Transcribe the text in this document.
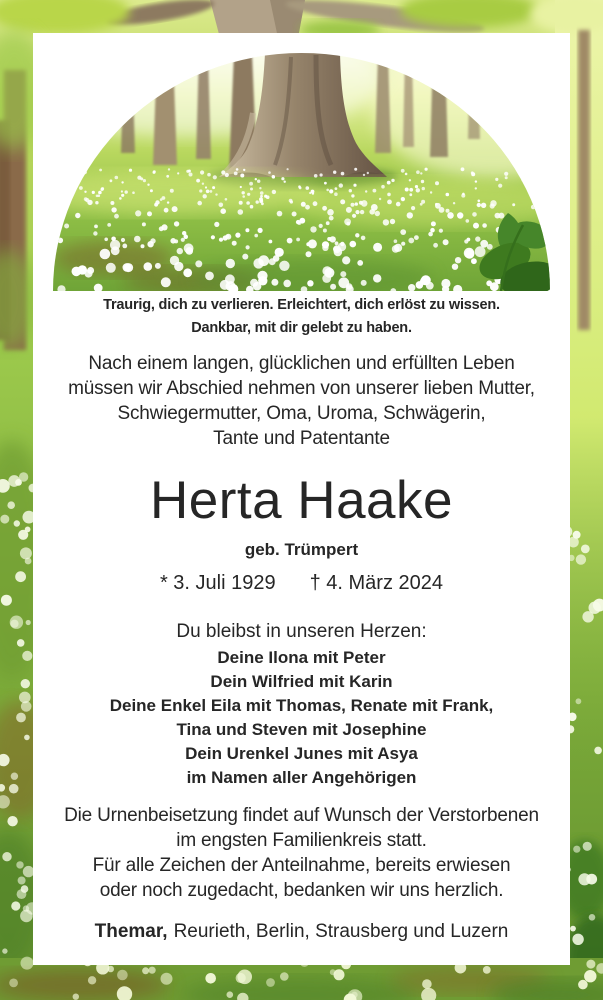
Traurig, dich zu verlieren. Erleichtert, dich erlöst zu wissen.
Dankbar, mit dir gelebt zu haben.
Nach einem langen, glücklichen und erfüllten Leben
müssen wir Abschied nehmen von unserer lieben Mutter,
Schwiegermutter, Oma, Uroma, Schwägerin,
Tante und Patentante
Herta Haake
geb. Trümpert
* 3. Juli 1929 † 4. März 2024
Du bleibst in unseren Herzen:
Deine Ilona mit Peter
Dein Wilfried mit Karin
Deine Enkel Eila mit Thomas, Renate mit Frank,
Tina und Steven mit Josephine
Dein Urenkel Junes mit Asya
im Namen aller Angehörigen
Die Urnenbeisetzung findet auf Wunsch der Verstorbenen
im engsten Familienkreis statt.
Für alle Zeichen der Anteilnahme, bereits erwiesen
oder noch zugedacht, bedanken wir uns herzlich.
Themar, Reurieth, Berlin, Strausberg und Luzern
